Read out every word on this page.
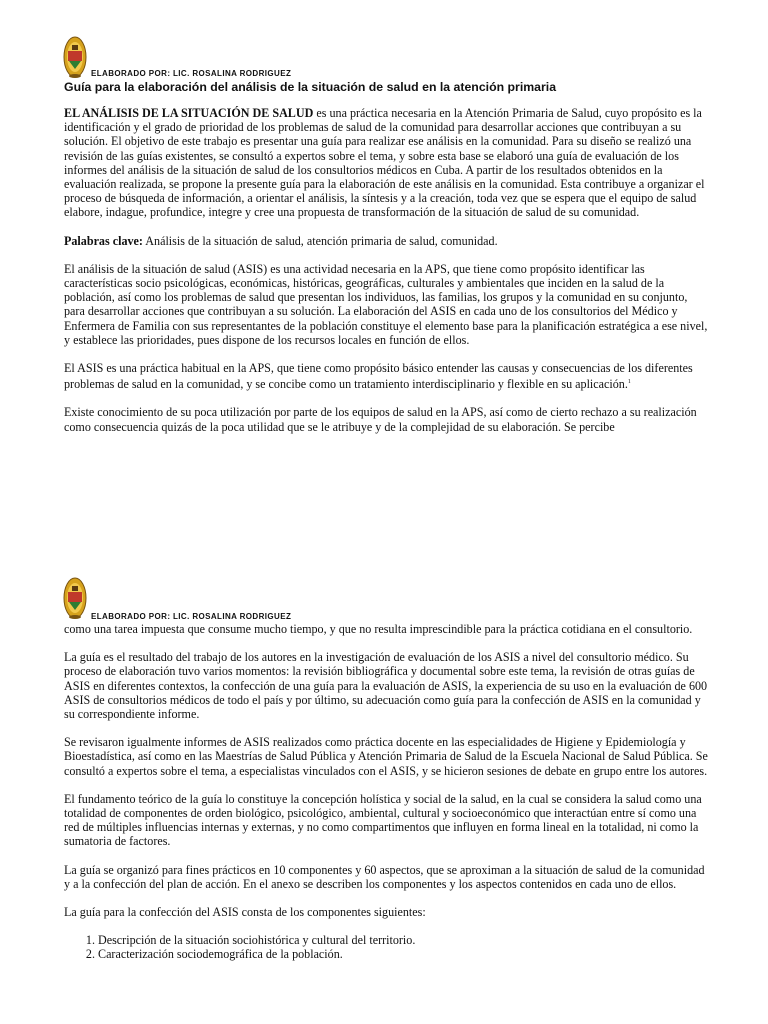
ELABORADO POR: LIC. ROSALINA RODRIGUEZ
Guía para la elaboración del análisis de la situación de salud en la atención primaria

EL ANÁLISIS DE LA SITUACIÓN DE SALUD es una práctica necesaria en la Atención Primaria de Salud, cuyo propósito es la identificación y el grado de prioridad de los problemas de salud de la comunidad para desarrollar acciones que contribuyan a su solución. El objetivo de este trabajo es presentar una guía para realizar ese análisis en la comunidad. Para su diseño se realizó una revisión de las guías existentes, se consultó a expertos sobre el tema, y sobre esta base se elaboró una guía de evaluación de los informes del análisis de la situación de salud de los consultorios médicos en Cuba. A partir de los resultados obtenidos en la evaluación realizada, se propone la presente guía para la elaboración de este análisis en la comunidad. Esta contribuye a organizar el proceso de búsqueda de información, a orientar el análisis, la síntesis y a la creación, toda vez que se espera que el equipo de salud elabore, indague, profundice, integre y cree una propuesta de transformación de la situación de salud de su comunidad.

Palabras clave: Análisis de la situación de salud, atención primaria de salud, comunidad.

El análisis de la situación de salud (ASIS) es una actividad necesaria en la APS, que tiene como propósito identificar las características socio psicológicas, económicas, históricas, geográficas, culturales y ambientales que inciden en la salud de la población, así como los problemas de salud que presentan los individuos, las familias, los grupos y la comunidad en su conjunto, para desarrollar acciones que contribuyan a su solución. La elaboración del ASIS en cada uno de los consultorios del Médico y Enfermera de Familia con sus representantes de la población constituye el elemento base para la planificación estratégica a ese nivel, y establece las prioridades, pues dispone de los recursos locales en función de ellos.

El ASIS es una práctica habitual en la APS, que tiene como propósito básico entender las causas y consecuencias de los diferentes problemas de salud en la comunidad, y se concibe como un tratamiento interdisciplinario y flexible en su aplicación.$^1$

Existe conocimiento de su poca utilización por parte de los equipos de salud en la APS, así como de cierto rechazo a su realización como consecuencia quizás de la poca utilidad que se le atribuye y de la complejidad de su elaboración. Se percibe

ELABORADO POR: LIC. ROSALINA RODRIGUEZ

como una tarea impuesta que consume mucho tiempo, y que no resulta imprescindible para la práctica cotidiana en el consultorio.

La guía es el resultado del trabajo de los autores en la investigación de evaluación de los ASIS a nivel del consultorio médico. Su proceso de elaboración tuvo varios momentos: la revisión bibliográfica y documental sobre este tema, la revisión de otras guías de ASIS en diferentes contextos, la confección de una guía para la evaluación de ASIS, la experiencia de su uso en la evaluación de 600 ASIS de consultorios médicos de todo el país y por último, su adecuación como guía para la confección de ASIS en la comunidad y su correspondiente informe.

Se revisaron igualmente informes de ASIS realizados como práctica docente en las especialidades de Higiene y Epidemiología y Bioestadística, así como en las Maestrías de Salud Pública y Atención Primaria de Salud de la Escuela Nacional de Salud Pública. Se consultó a expertos sobre el tema, a especialistas vinculados con el ASIS, y se hicieron sesiones de debate en grupo entre los autores.

El fundamento teórico de la guía lo constituye la concepción holística y social de la salud, en la cual se considera la salud como una totalidad de componentes de orden biológico, psicológico, ambiental, cultural y socioeconómico que interactúan entre sí como una red de múltiples influencias internas y externas, y no como compartimentos que influyen en forma lineal en la totalidad, ni como la sumatoria de factores.

La guía se organizó para fines prácticos en 10 componentes y 60 aspectos, que se aproximan a la situación de salud de la comunidad y a la confección del plan de acción. En el anexo se describen los componentes y los aspectos contenidos en cada uno de ellos.

La guía para la confección del ASIS consta de los componentes siguientes:

1. Descripción de la situación sociohistórica y cultural del territorio.
2. Caracterización sociodemográfica de la población.
